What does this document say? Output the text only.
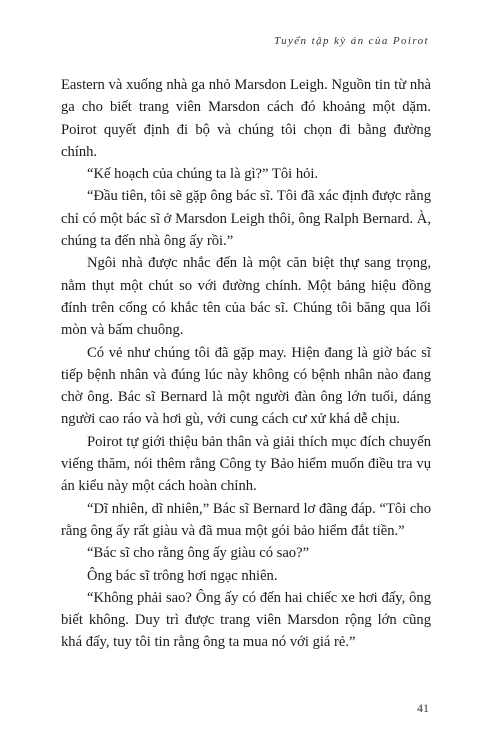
Tuyển tập kỳ án của Poirot

Eastern và xuống nhà ga nhỏ Marsdon Leigh. Nguồn tin từ nhà ga cho biết trang viên Marsdon cách đó khoảng một dặm. Poirot quyết định đi bộ và chúng tôi chọn đi bằng đường chính.

“Kế hoạch của chúng ta là gì?” Tôi hỏi.

“Đầu tiên, tôi sẽ gặp ông bác sĩ. Tôi đã xác định được rằng chỉ có một bác sĩ ở Marsdon Leigh thôi, ông Ralph Bernard. À, chúng ta đến nhà ông ấy rồi.”

Ngôi nhà được nhắc đến là một căn biệt thự sang trọng, nằm thụt một chút so với đường chính. Một bảng hiệu đồng đính trên cổng có khắc tên của bác sĩ. Chúng tôi băng qua lối mòn và bấm chuông.

Có vẻ như chúng tôi đã gặp may. Hiện đang là giờ bác sĩ tiếp bệnh nhân và đúng lúc này không có bệnh nhân nào đang chờ ông. Bác sĩ Bernard là một người đàn ông lớn tuổi, dáng người cao ráo và hơi gù, với cung cách cư xử khá dễ chịu.

Poirot tự giới thiệu bản thân và giải thích mục đích chuyến viếng thăm, nói thêm rằng Công ty Bảo hiểm muốn điều tra vụ án kiểu này một cách hoàn chỉnh.

“Dĩ nhiên, dĩ nhiên,” Bác sĩ Bernard lơ đãng đáp. “Tôi cho rằng ông ấy rất giàu và đã mua một gói bảo hiểm đắt tiền.”

“Bác sĩ cho rằng ông ấy giàu có sao?”

Ông bác sĩ trông hơi ngạc nhiên.

“Không phải sao? Ông ấy có đến hai chiếc xe hơi đấy, ông biết không. Duy trì được trang viên Marsdon rộng lớn cũng khá đấy, tuy tôi tin rằng ông ta mua nó với giá rẻ.”

41
